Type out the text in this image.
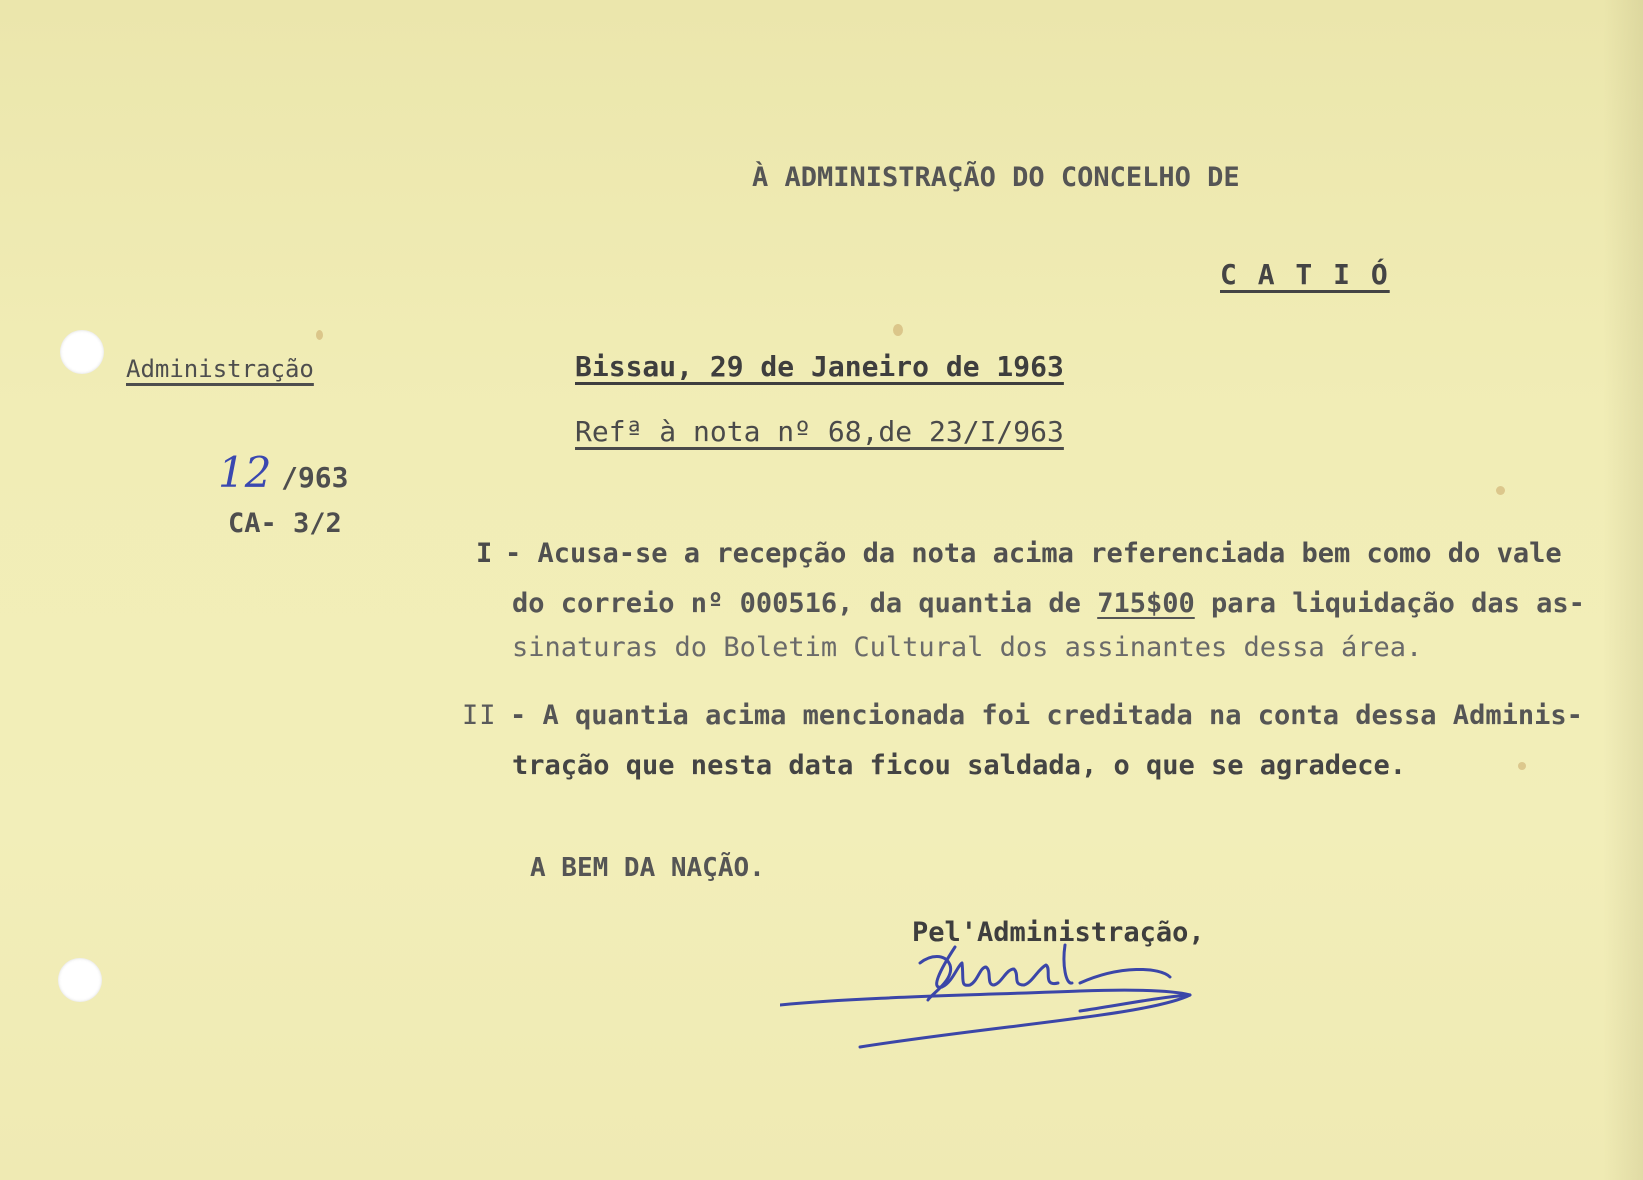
À ADMINISTRAÇÃO DO CONCELHO DE
C A T I Ó
Administração
12 /963
CA- 3/2
Bissau, 29 de Janeiro de 1963
Refª à nota nº 68,de 23/I/963
I - Acusa-se a recepção da nota acima referenciada bem como do vale
do correio nº 000516, da quantia de 715$00 para liquidação das as-
sinaturas do Boletim Cultural dos assinantes dessa área.
II - A quantia acima mencionada foi creditada na conta dessa Adminis-
tração que nesta data ficou saldada, o que se agradece.
A BEM DA NAÇÃO.
Pel'Administração,
